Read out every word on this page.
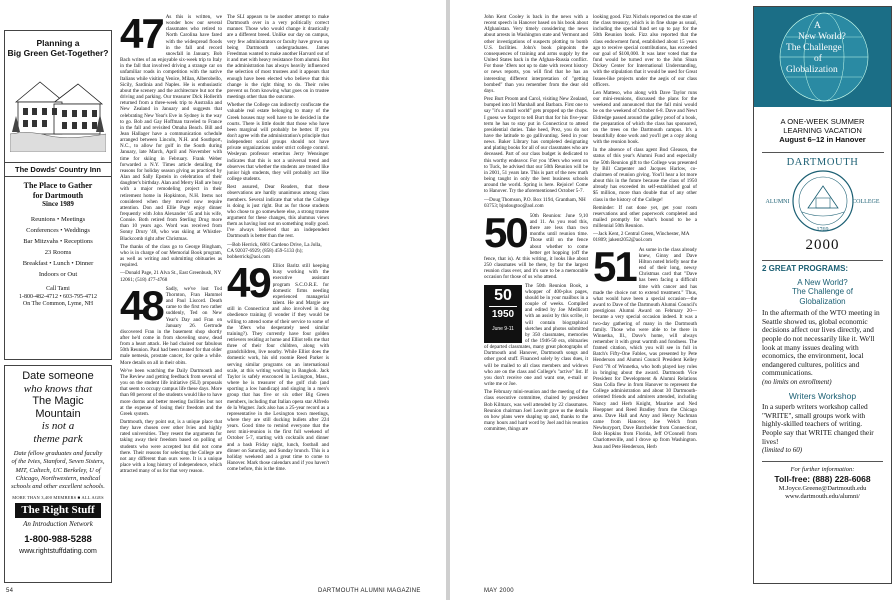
Planning a
Big Green Get-Together?
The Dowds' Country Inn
The Place to Gather
for Dartmouth
Since 1989
Reunions • Meetings
Conferences • Weddings
Bar Mitzvahs • Receptions
23 Rooms
Breakfast • Lunch • Dinner
Indoors or Out
Call Tami
1-800-482-4712 • 603-795-4712
On The Common, Lyme, NH
Date someone
who knows that
The Magic
Mountain
is not a
theme park
Date fellow graduates and faculty of the Ivies, Stanford, Seven Sisters, MIT, Caltech, UC Berkeley, U of Chicago, Northwestern, medical schools and other excellent schools.
MORE THAN 3,400 MEMBERS ■ ALL AGES
The Right Stuff
An Introduction Network
1-800-988-5288
www.rightstuffdating.com
47 As this is written, we wonder how our several classmates who retired to North Carolina have fared with the widespread floods in the fall and record snowfall in January. Bob Bach writes of an enjoyable six-week trip to Italy in the fall that involved driving a strange car on unfamiliar roads in competition with the native Italians while visiting Venice, Milan, Alberobello, Sicily, Sardinia and Naples. He is enthusiastic about the scenery and the architecture but not the driving and parking. Our treasurer Dick Hollerith returned from a three-week trip to Australia and New Zealand in January and suggests that celebrating New Year's Eve in Sydney is the way to go. Bob and Gay Hoffman traveled to France in the fall and revisited Omaha Beach. Bill and Jean Hallager have a communication schedule arranged between Lincoln, N.H. and Southport, N.C., to allow for golf in the South during January, late March, April and November with time for skiing in February. Frank Weber forwarded a N.Y. Times article detailing the reasons for holiday season giving as practiced by Alan and Sally Epstein in celebration of their daughter's birthday. Alan and Merry Hall are busy with a major remodeling project in their retirement home in Hopkinton, N.H. Items not considered when they moved now require attention. Don and Ellie Page enjoy dinner frequently with John Alexander '45 and his wife, Connie. Both retired from Sterling Drug more than 10 years ago. Word was received from Sonny Drury '48, who was skiing at Whistler-Blackcomb right after Christmas.

The thanks of the class go to George Bingham, who is in charge of our Memorial Book program, as well as writing and submitting obituaries as required.

—Donald Page, 21 Alva St., East Greenbush, NY 12061; (518) 477-4768

48 Sadly, we've lost Tod Thornton, Fran Hammel and Paul Liscord. Death came to the first two rather suddenly, Ted on New Year's Day and Fran on January 26. Gertrude discovered Fran in the basement shop shortly after he'd come in from shoveling snow, dead from a heart attack. He had chaired our fabulous 50th Reunion. Paul had been treated for that older male nemesis, prostate cancer, for quite a while. More details on all in their obits.

We've been watching the Daily Dartmouth and The Review and getting feedback from several of you on the student life initiative (SLI) proposals that seem to occupy campus life these days. More than 80 percent of the students would like to have more dorms and better meeting facilities but not at the expense of losing their freedom and the Greek system.

Dartmouth, they point out, is a unique place that they have chosen over other Ivies and highly rated universities. They resent the arguments for taking away their freedom based on polling of students who were accepted but did not come there. Their reasons for selecting the College are not any different than ours were. It is a unique place with a long history of independence, which attracted many of us for that very reason.

The SLI appears to be another attempt to make Dartmouth over in a very politically correct manner. Those who would change it drastically are a different breed. Unlike our day on campus, very few administrators or faculty have grown up being Dartmouth undergraduates. James Freedman wanted to make another Harvard out of it and met with heavy resistance from alumni. But the administration has always heavily influenced the selection of most trustees and it appears that enough have been elected who believe that this change is the right thing to do. Their roles prevent us from knowing what goes on in trustee meetings other than the outcome.

Whether the College can indirectly confiscate the valuable real estate belonging to many of the Greek houses may well have to be decided in the courts. There is little doubt that those who have been marginal will probably be better. If you don't agree with the administration's principle that independent social groups should not have private organizations under strict college control. Wesleyan professor emeritus Jerry Wensinger indicates that this is not a universal trend and observes that whether the students are treated like junior high students, they will probably act like college students.

Rest assured, Dear Readers, that these observations are hardly unanimous among class members. Several indicate that what the College is doing is just right. But as for those students who chose to go somewhere else, a strong trustee argument for these changes, this alumnus views them as having lost out on something really good. I've always believed that an independent Dartmouth is better than the rest.

—Bob Herrick, 6061 Cardeno Drive, La Jolla, CA 92037-6929; (858) 459-5133 (h); bobherrick@aol.com

49 Elliot Baritz still keeping busy working with the executive assistant program S.C.O.R.E. for domestic firms needing experienced managerial talent. He and Margie are still in Connecticut and also involved in dog obedience training (I wonder if they would be willing to attend some of their service to some of the '49ers who desperately need similar training?). They currently have four golden retrievers residing at home and Elliot tells me that three of their four children, along with grandchildren, live nearby. While Elliot does the domestic work, his old roomie Reed Parker is serving similar programs on an international scale, at this writing working in Bangkok. Jack Taylor is safely ensconced in Lexington, Mass., where he is treasurer of the golf club (and sporting a low handicap) and singing in a men's group that has five or six other Big Green members, including that Italian opera star Alfredo de la Wagner. Jack also has a 25-year record as a representative in the Lexington town meetings, where they are still ducking bullets after 224 years. Good time to remind everyone that the next mini-reunion is the first full weekend of October 5-7, starting with cocktails and dinner and a bash Friday night, lunch, football and dinner on Saturday, and Sunday brunch. This is a holiday weekend and a great time to come to Hanover. Mark those calendars and if you haven't come before, this is the time.

54	DARTMOUTH ALUMNI MAGAZINE

John Kent Cooley is back in the news with a recent speech in Hanover based on his book about Afghanistan. Very timely considering the news about arrests in Washington state and Vermont and other investigations of suspects plotting to bomb U.S. facilities. John's book pinpoints the consequences of training and arms supply by the United States back in the Afghan-Russia conflict. For those '49ers not up to date with recent history or news reports, you will find that he has an interesting different interpretation of "getting bombed" than you remember from the dear old days.

Prez Burt Proom and Carol, visiting New Zealand, bumped into Irl Marshall and Barbara. First one to say "it's a small world" gets propped up the chops. I guess we forgot to tell Burt that for his five-year term he has to stay put in Connecticut to attend presidential duties. Take heed, Prez, you do not have the latitude to go gallivanting. Send in your news. Baker Library has completed designating and plating books for all of our classmates who are deceased. Part of our class budget is dedicated to this worthy endeavor. For you '49ers who went on to Tuck, be advised that our 50th Reunion will be in 2001, 51 years late. This is part of the new math being taught in only the best business schools around the world. Spring is here. Rejoice! Come to Hanover. Try the aforementioned October 5-7.

—Doug Thomson, P.O. Box 1194, Grantham, NH 03753; bjndougtoo@aol.com

50 50th Reunion: June 9,10 and 11. As you read this, there are less than two months until reunion time. Those still on the fence about whether to come better get hopping (off the fence, that is). At this writing, it looks like about 250 classmates will be there, by far the largest reunion class ever, and it's sure to be a memorable occasion for those of us who attend.

50
1950
June 9-11

The 50th Reunion Book, a whopper of 400-plus pages, should be in your mailbox in a couple of weeks. Compiled and edited by Joe Medlicott with an assist by this scribe, it will contain biographical sketches and photos submitted by 350 classmates, memories of the 1946-50 era, obituaries of departed classmates, many great photographs of Dartmouth and Hanover, Dartmouth songs and other good stuff. Financed solely by class dues, it will be mailed to all class members and widows who are on the class and College's "active" list. If you don't receive one and want one, e-mail or write me or Joe.

The February mini-reunion and the meeting of the class executive committee, chaired by president Bob Kilmarx, was well attended by 22 classmates. Reunion chairman Joel Leavitt gave us the details on how plans were shaping up and, thanks to the many hours and hard word by Joel and his reunion committee, things are

looking good. Fizz Nichols reported on the state of the class treasury, which is in fine shape as usual, including the special fund set up to pay for the 50th Reunion book. Fizz also reported that the class endowment fund, established about 15 years ago to receive special contributions, has exceeded our goal of $100,000. It was later voted that the fund would be turned over to the John Sloan Dickey Center for International Understanding, with the stipulation that it would be used for Great Issues-like projects under the aegis of our class officers.

Len Matteso, who along with Dave Taylor runs our mini-reunions, discussed the plans for the weekend and announced that the fall mini would be on the weekend of October 6-8. Dave and Newt Eldredge passed around the galley proof of a book, the preparation of which the class has sponsored, on the trees on the Dartmouth campus. It's a beautifully done work and you'll get a copy along with the reunion book.

In the absence of class agent Bud Gleason, the status of this year's Alumni Fund and especially the 50th Reunion gift to the College was presented by Bill Carpenter and Jacques Harlow, co-chairmen of reunion giving. You'll hear a lot more about this in the future because the class of 1950 already has exceeded its self-established goal of $5 million, more than double that of any other class in the history of the College!

Reminder: If not done yet, get your room reservations and other paperwork completed and mailed promptly for what's bound to be a millennial 50th Reunion.

—Jack Kent, 2 Central Green, Winchester, MA 01809; jakent2052@aol.com

51 As some in the class already knew, Ginny and Dave Hilton noted briefly near the end of their long, newsy Christmas card that "Dave has been facing a difficult time with cancer and has made the choice not to extend treatment." Thus, what would have been a special occasion—the award to Dave of the Dartmouth Alumni Council's prestigious Alumni Award on February 20—became a very special occasion indeed. It was a two-day gathering of many in the Dartmouth family. Those who were able to be there in Winnetka, Ill., Dave's home, will always remember it with great warmth and fondness. The framed citation, which you will see in full in Batch's Fifty-One Fables, was presented by Pete Henderson and Alumni Council President Kelley Ford '78 of Winnetka, who both played key roles in bringing about the award. Dartmouth Vice President for Development & Alumni Relations Stan Colla flew in from Hanover to represent the College administration and about 30 Dartmouth-oriented friends and admirers attended, including Nancy and Herb Knight, Maurine and Ned Hoeppner and Reed Bradley from the Chicago area. Dave Hall and Amy and Henry Nachman came from Hanover, Joe Welch from Newburyport, Dave Batchelder from Connecticut, Bob Hopkins from Florida, Jeff O'Connell from Charlottesville, and I drove up from Washington. Jean and Pete Henderson, Herb

A
New World?
The Challenge
of
Globalization
A ONE-WEEK SUMMER
LEARNING VACATION
August 6–12 in Hanover
DARTMOUTH
ALUMNI	COLLEGE
1769
2000
2 GREAT PROGRAMS:
A New World?
The Challenge of
Globalization

In the aftermath of the WTO meeting in Seattle showed us, global economic decisions affect our lives directly, and people do not necessarily like it. We'll look at many issues dealing with economics, the environment, local endangered cultures, politics and communications.

(no limits on enrollment)

Writers Workshop

In a superb writers workshop called "WRITE", small groups work with highly-skilled teachers of writing. People say that WRITE changed their lives!

(limited to 60)

For further information:
Toll-free: (888) 228-6068
M.Joyce.Greene@Dartmouth.edu
www.dartmouth.edu/alumni/
MAY 2000
